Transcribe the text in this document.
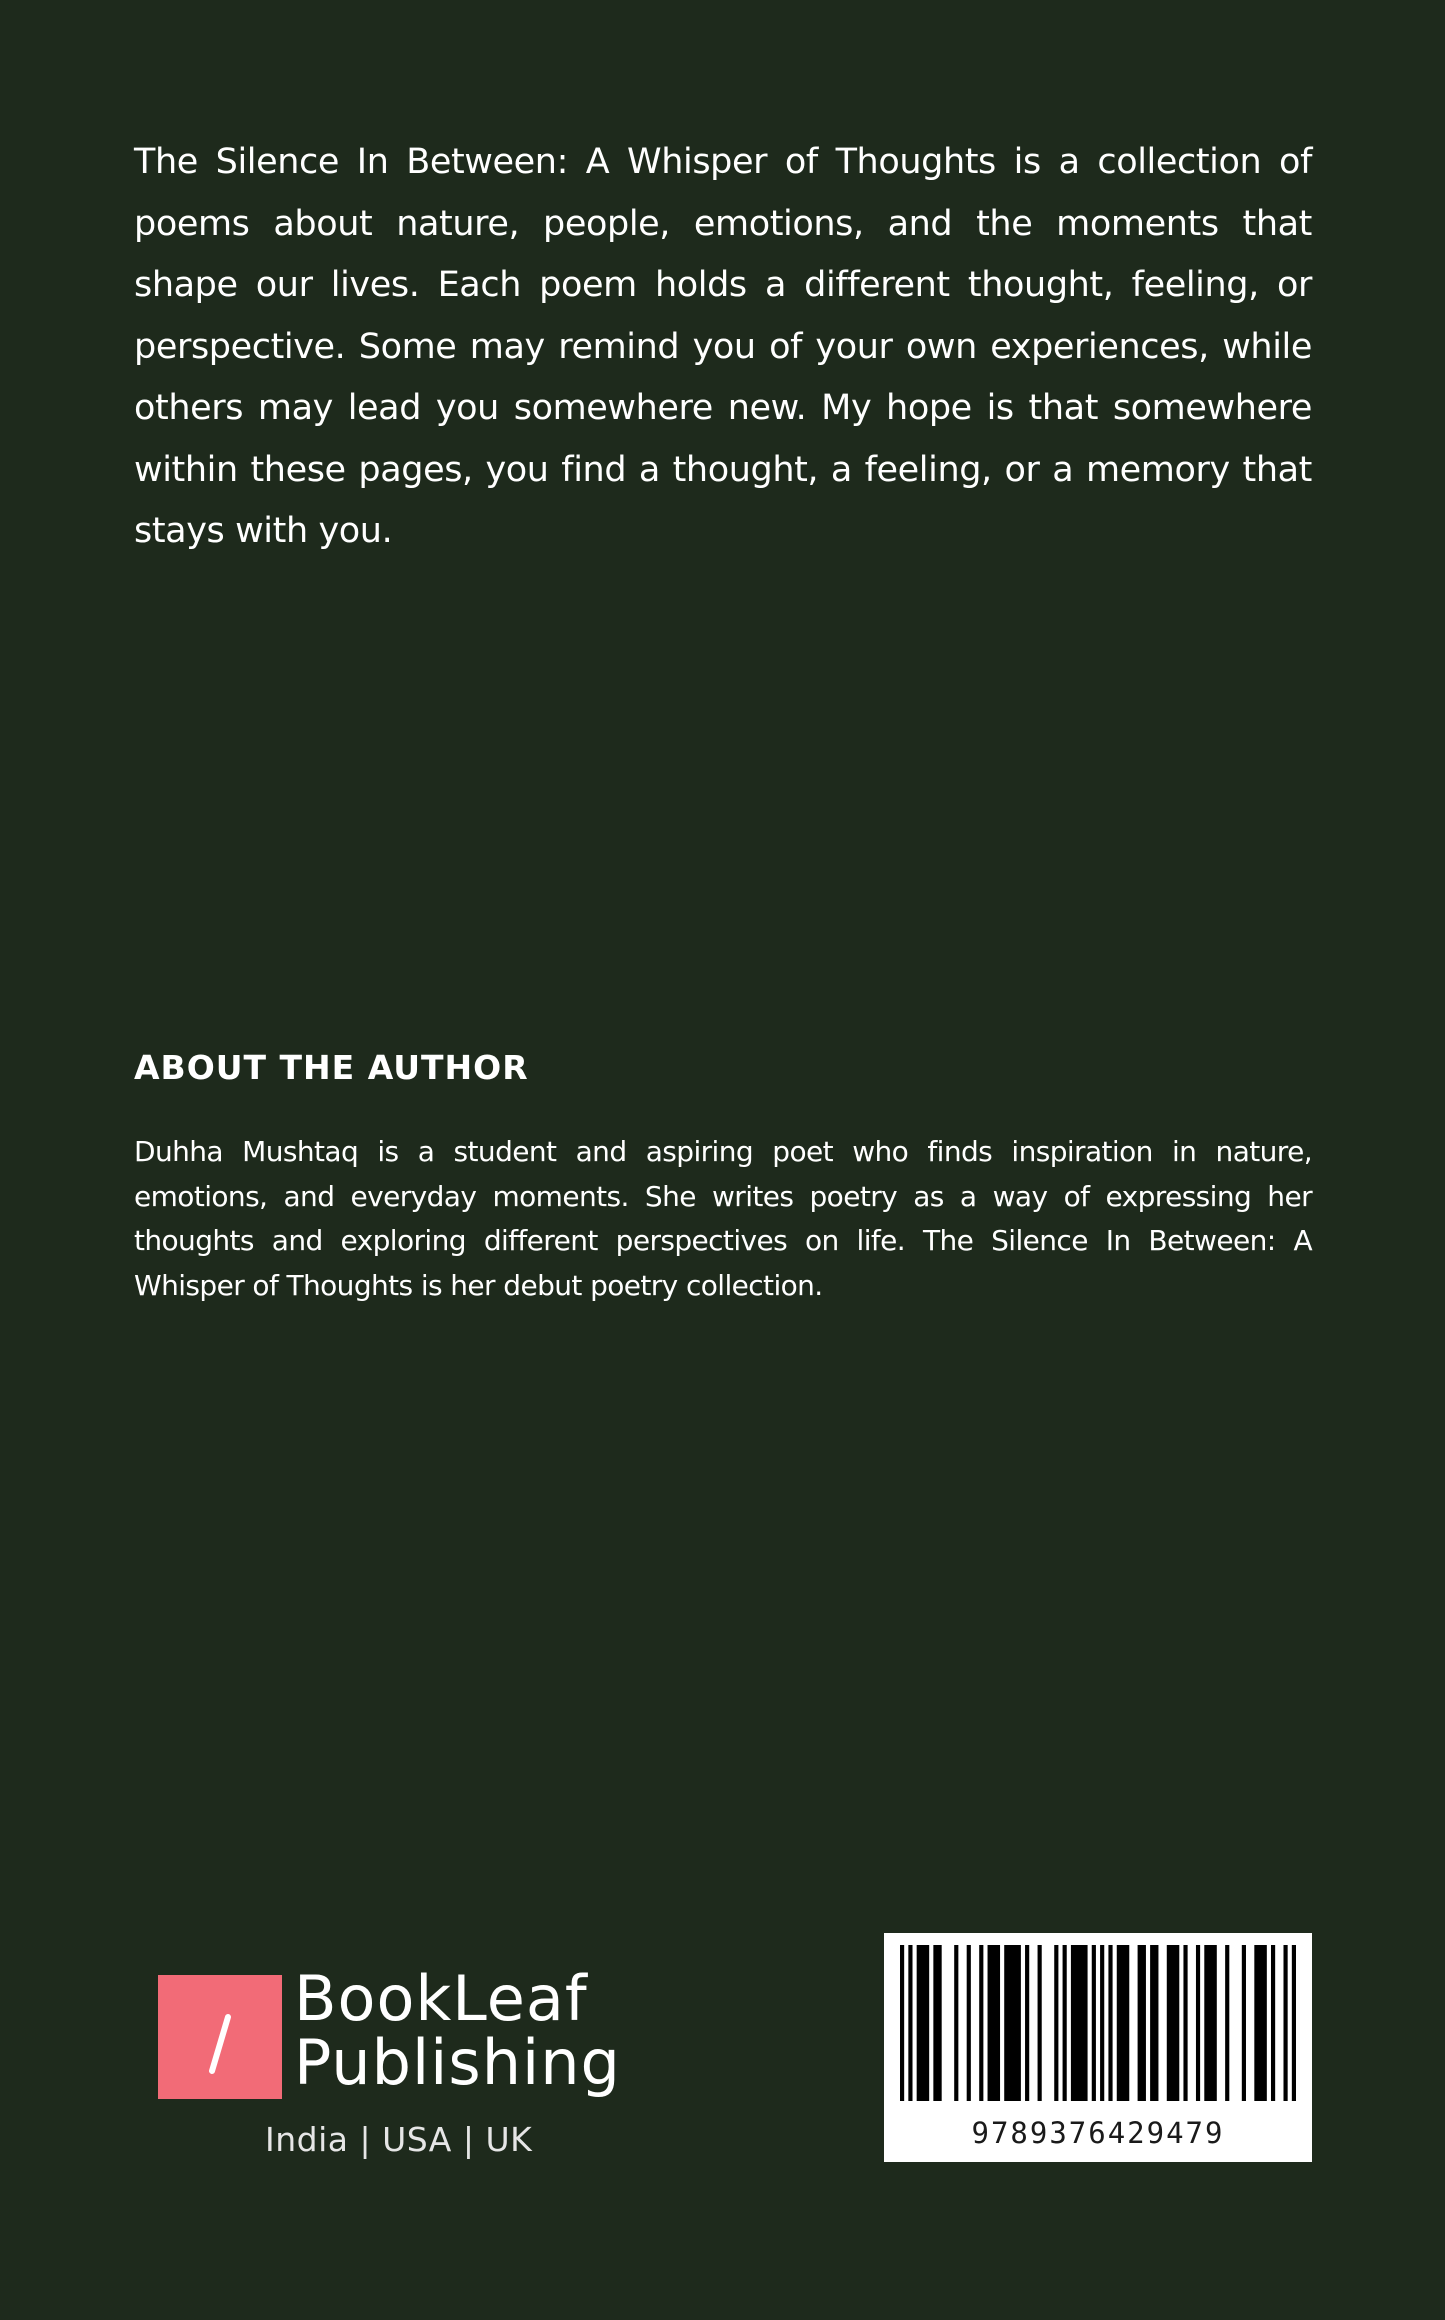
The Silence In Between: A Whisper of Thoughts is a collection of poems about nature, people, emotions, and the moments that shape our lives. Each poem holds a different thought, feeling, or perspective. Some may remind you of your own experiences, while others may lead you somewhere new. My hope is that somewhere within these pages, you find a thought, a feeling, or a memory that stays with you.

ABOUT THE AUTHOR

Duhha Mushtaq is a student and aspiring poet who finds inspiration in nature, emotions, and everyday moments. She writes poetry as a way of expressing her thoughts and exploring different perspectives on life. The Silence In Between: A Whisper of Thoughts is her debut poetry collection.

BookLeaf
Publishing
India | USA | UK	9789376429479
